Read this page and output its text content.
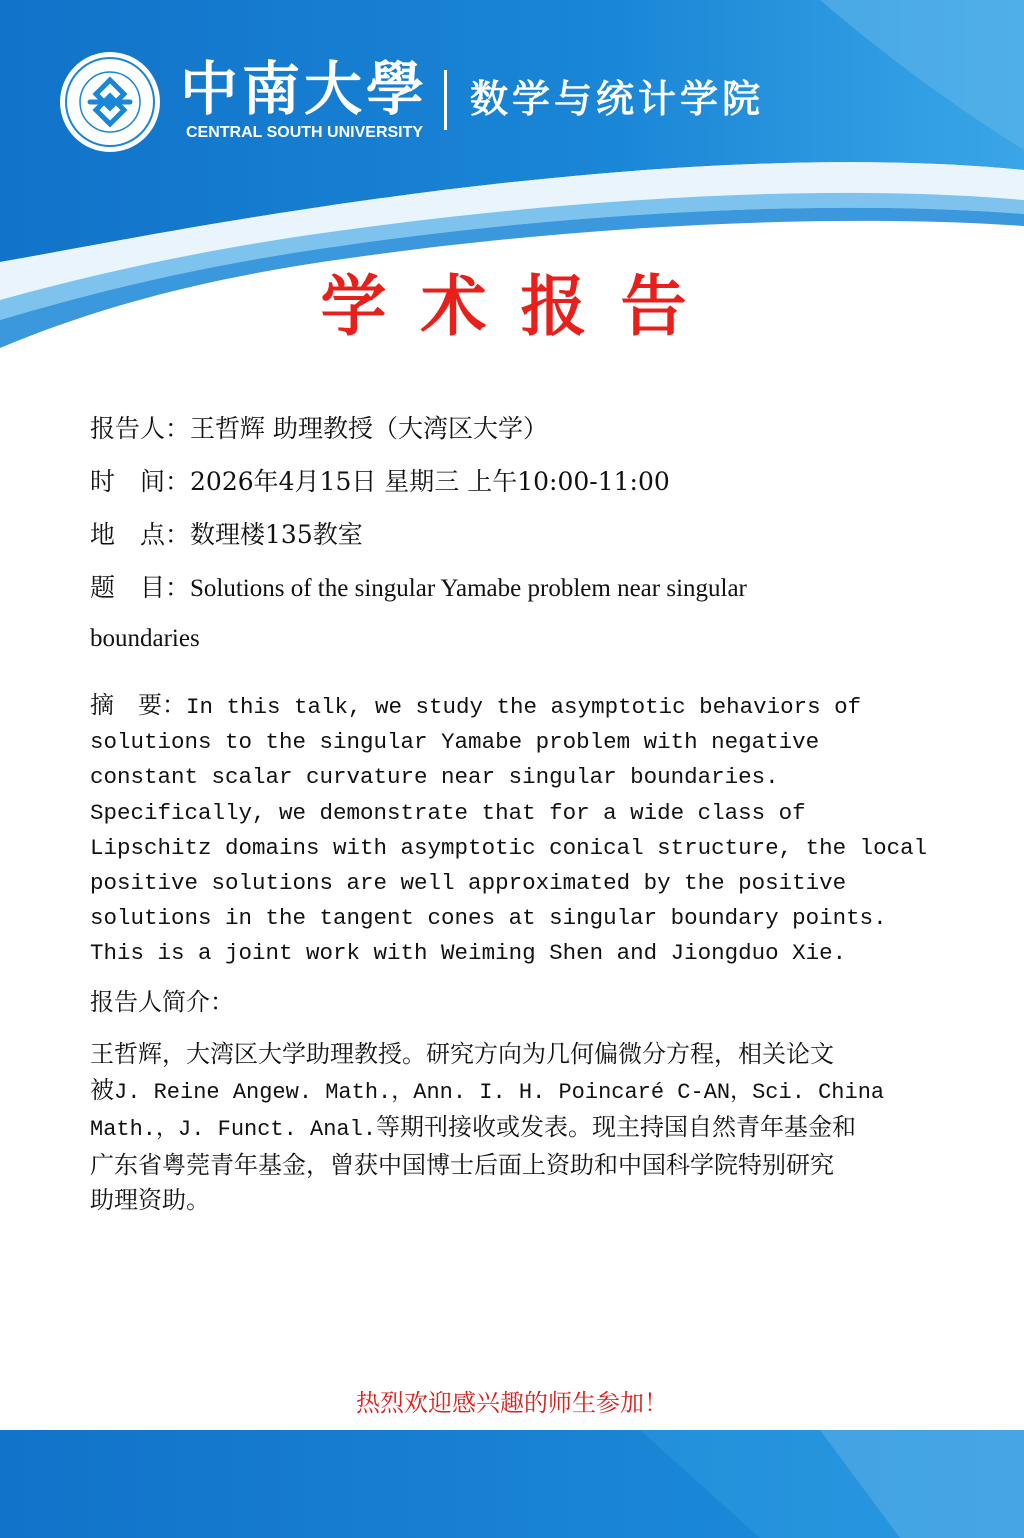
中南大學
CENTRAL SOUTH UNIVERSITY
数学与统计学院
学术报告
报告人：王哲辉 助理教授（大湾区大学）
时　间：2026年4月15日 星期三 上午10:00-11:00
地　点：数理楼135教室
题　目：Solutions of the singular Yamabe problem near singular
boundaries
摘　要：In this talk, we study the asymptotic behaviors of
solutions to the singular Yamabe problem with negative
constant scalar curvature near singular boundaries.
Specifically, we demonstrate that for a wide class of
Lipschitz domains with asymptotic conical structure, the local
positive solutions are well approximated by the positive
solutions in the tangent cones at singular boundary points.
This is a joint work with Weiming Shen and Jiongduo Xie.
报告人简介：
王哲辉，大湾区大学助理教授。研究方向为几何偏微分方程，相关论文
被J. Reine Angew. Math.，Ann. I. H. Poincaré C-AN，Sci. China
Math.，J. Funct. Anal.等期刊接收或发表。现主持国自然青年基金和
广东省粤莞青年基金，曾获中国博士后面上资助和中国科学院特别研究
助理资助。
热烈欢迎感兴趣的师生参加！
